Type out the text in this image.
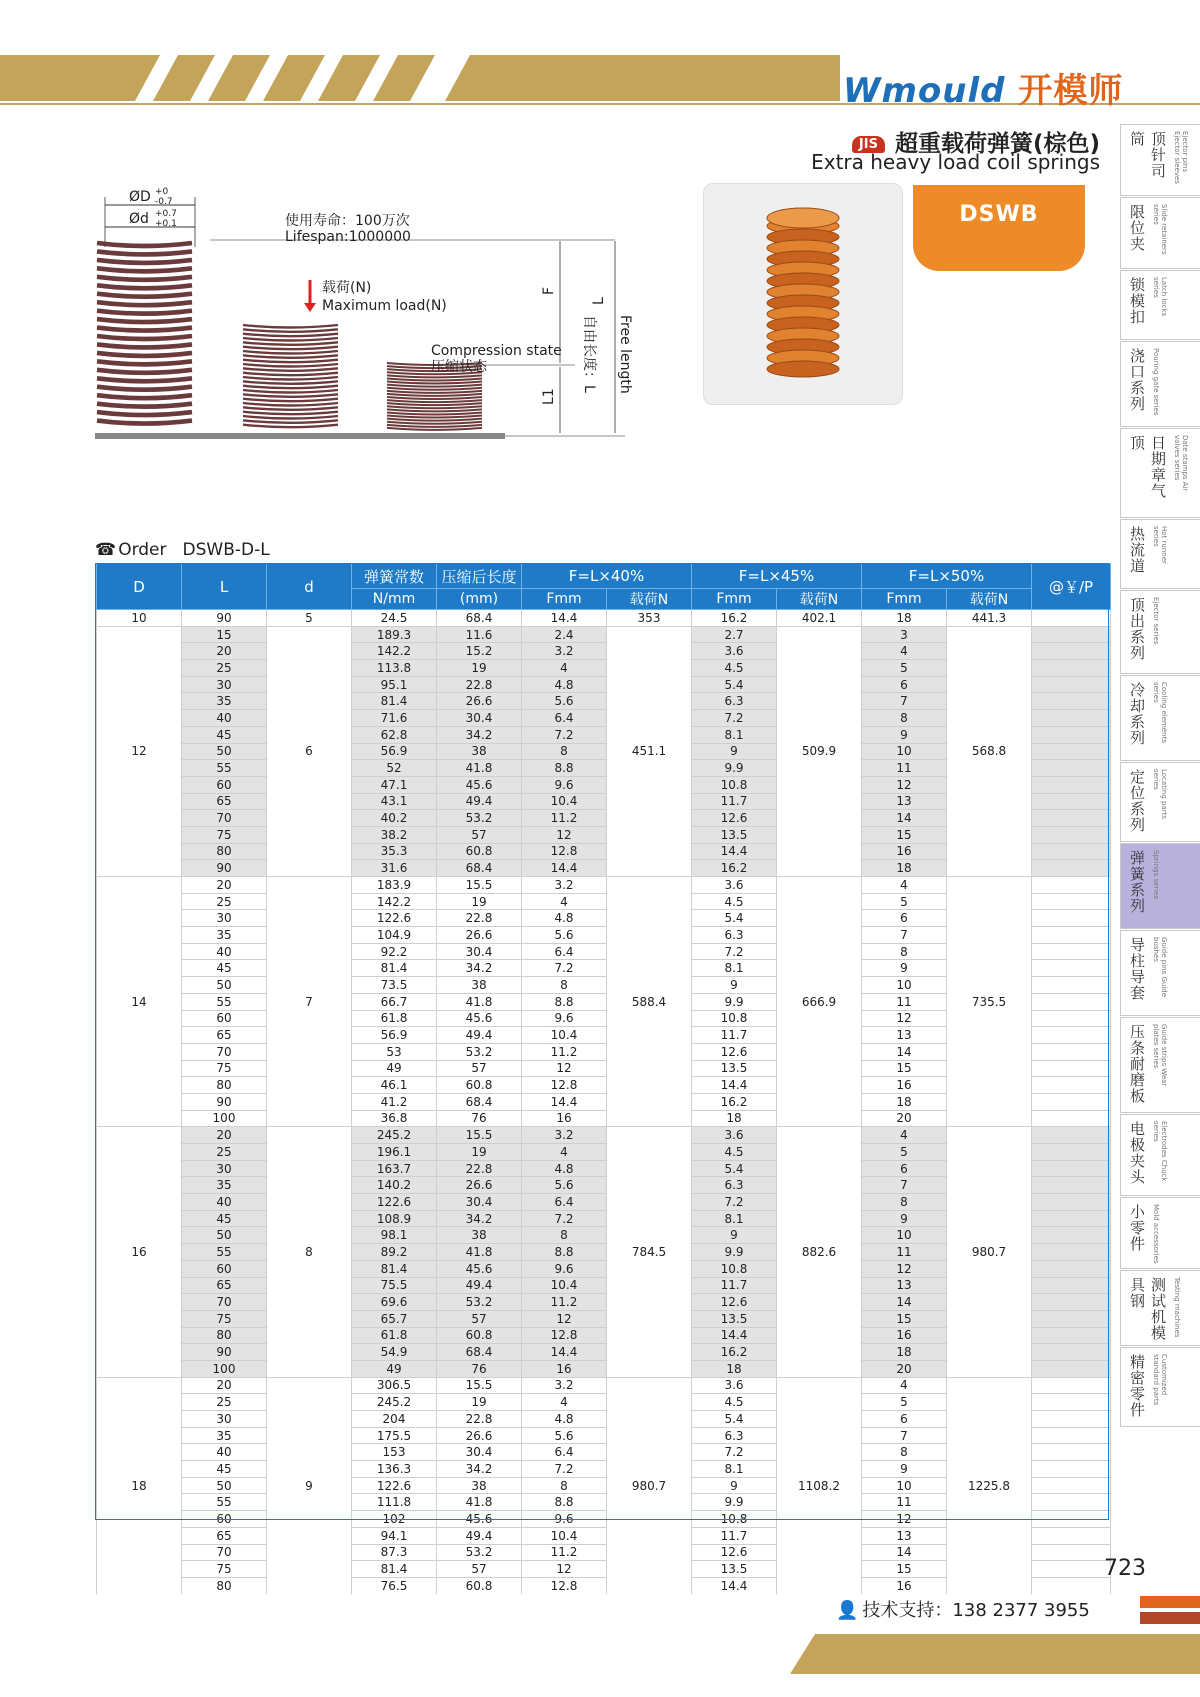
Wmould 开模师
JIS 超重载荷弹簧(棕色)
Extra heavy load coil springs
ØD +0
-0.7
Ød +0.7
+0.1
F
L1
L
自由长度：L Free length
载荷(N)
Maximum load(N)
Compression state
压缩状态
使用寿命：100万次
Lifespan:1000000
DSWB
☎ Order DSWB-D-L
D	L	d	弹簧常数	压缩后长度	F=L×40%		F=L×45%		F=L×50%		@￥/P
			N/mm	(mm)	Fmm	载荷N	Fmm	载荷N	Fmm	载荷N	
10	90	5	24.5	68.4	14.4	353	16.2	402.1	18	441.3	
12	15	6	189.3	11.6	2.4	451.1	2.7	509.9	3	568.8	
	20		142.2	15.2	3.2		3.6		4		
	25		113.8	19	4		4.5		5		
	30		95.1	22.8	4.8		5.4		6		
	35		81.4	26.6	5.6		6.3		7		
	40		71.6	30.4	6.4		7.2		8		
	45		62.8	34.2	7.2		8.1		9		
	50		56.9	38	8		9		10		
	55		52	41.8	8.8		9.9		11		
	60		47.1	45.6	9.6		10.8		12		
	65		43.1	49.4	10.4		11.7		13		
	70		40.2	53.2	11.2		12.6		14		
	75		38.2	57	12		13.5		15		
	80		35.3	60.8	12.8		14.4		16		
	90		31.6	68.4	14.4		16.2		18		
14	20	7	183.9	15.5	3.2	588.4	3.6	666.9	4	735.5	
	25		142.2	19	4		4.5		5		
	30		122.6	22.8	4.8		5.4		6		
	35		104.9	26.6	5.6		6.3		7		
	40		92.2	30.4	6.4		7.2		8		
	45		81.4	34.2	7.2		8.1		9		
	50		73.5	38	8		9		10		
	55		66.7	41.8	8.8		9.9		11		
	60		61.8	45.6	9.6		10.8		12		
	65		56.9	49.4	10.4		11.7		13		
	70		53	53.2	11.2		12.6		14		
	75		49	57	12		13.5		15		
	80		46.1	60.8	12.8		14.4		16		
	90		41.2	68.4	14.4		16.2		18		
	100		36.8	76	16		18		20		
16	20	8	245.2	15.5	3.2	784.5	3.6	882.6	4	980.7	
	25		196.1	19	4		4.5		5		
	30		163.7	22.8	4.8		5.4		6		
	35		140.2	26.6	5.6		6.3		7		
	40		122.6	30.4	6.4		7.2		8		
	45		108.9	34.2	7.2		8.1		9		
	50		98.1	38	8		9		10		
	55		89.2	41.8	8.8		9.9		11		
	60		81.4	45.6	9.6		10.8		12		
	65		75.5	49.4	10.4		11.7		13		
	70		69.6	53.2	11.2		12.6		14		
	75		65.7	57	12		13.5		15		
	80		61.8	60.8	12.8		14.4		16		
	90		54.9	68.4	14.4		16.2		18		
	100		49	76	16		18		20		
18	20	9	306.5	15.5	3.2	980.7	3.6	1108.2	4	1225.8	
	25		245.2	19	4		4.5		5		
	30		204	22.8	4.8		5.4		6		
	35		175.5	26.6	5.6		6.3		7		
	40		153	30.4	6.4		7.2		8		
	45		136.3	34.2	7.2		8.1		9		
	50		122.6	38	8		9		10		
	55		111.8	41.8	8.8		9.9		11		
	60		102	45.6	9.6		10.8		12		
	65		94.1	49.4	10.4		11.7		13		
	70		87.3	53.2	11.2		12.6		14		
	75		81.4	57	12		13.5		15		
	80		76.5	60.8	12.8		14.4		16		
顶针司筒	Ejector pins Ejector sleeves
限位夹	Slide retainers series
锁模扣	Latch locks series
浇口系列 Pouring gate series
日期章气顶	Date stamps Air valves series
热流道	Hot runner series
顶出系列 Ejector series
冷却系列	Cooling elements series
定位系列	Locating parts series
弹簧系列 Springs series
导柱导套	Guide pins Guide bushes
压条耐磨板	Guide strips Wear plates series
电极夹头	Electrodes Chuck series
小零件 Mold accessories
测试机模具钢	Testing machines
精密零件	Customized standard parts
723
👤 技术支持：138 2377 3955
